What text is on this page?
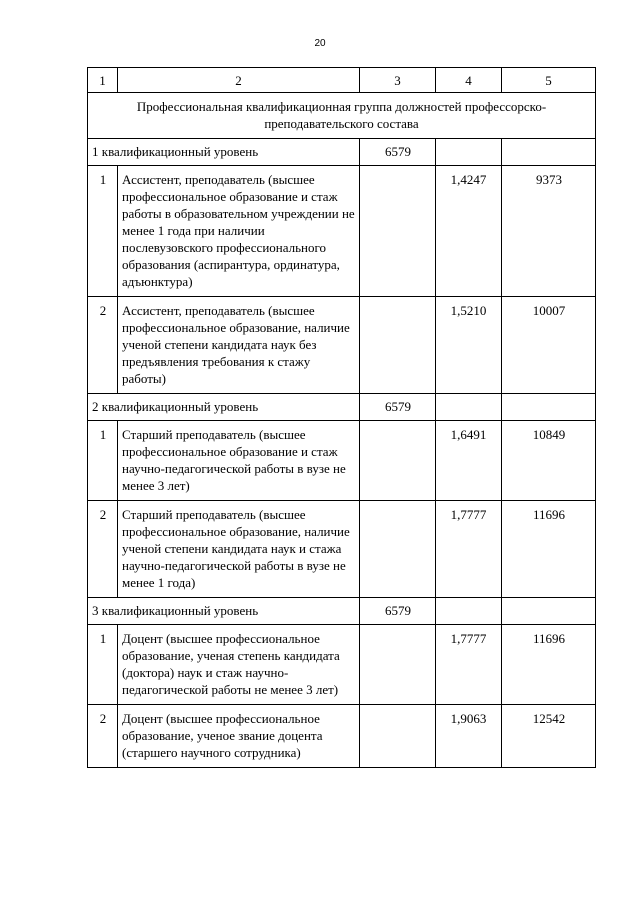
20
1	2	3	4	5
Профессиональная квалификационная группа должностей профессорско-преподавательского состава				
1 квалификационный уровень		6579		
1	Ассистент, преподаватель (высшее профессиональное образование и стаж работы в образовательном учреждении не менее 1 года при наличии послевузовского профессионального образования (аспирантура, ординатура, адъюнктура)		1,4247	9373
2	Ассистент, преподаватель (высшее профессиональное образование, наличие ученой степени кандидата наук без предъявления требования к стажу работы)		1,5210	10007
2 квалификационный уровень		6579		
1	Старший преподаватель (высшее профессиональное образование и стаж научно-педагогической работы в вузе не менее 3 лет)		1,6491	10849
2	Старший преподаватель (высшее профессиональное образование, наличие ученой степени кандидата наук и стажа научно-педагогической работы в вузе не менее 1 года)		1,7777	11696
3 квалификационный уровень		6579		
1	Доцент (высшее профессиональное образование, ученая степень кандидата (доктора) наук и стаж научно-педагогической работы не менее 3 лет)		1,7777	11696
2	Доцент (высшее профессиональное образование, ученое звание доцента (старшего научного сотрудника)		1,9063	12542
